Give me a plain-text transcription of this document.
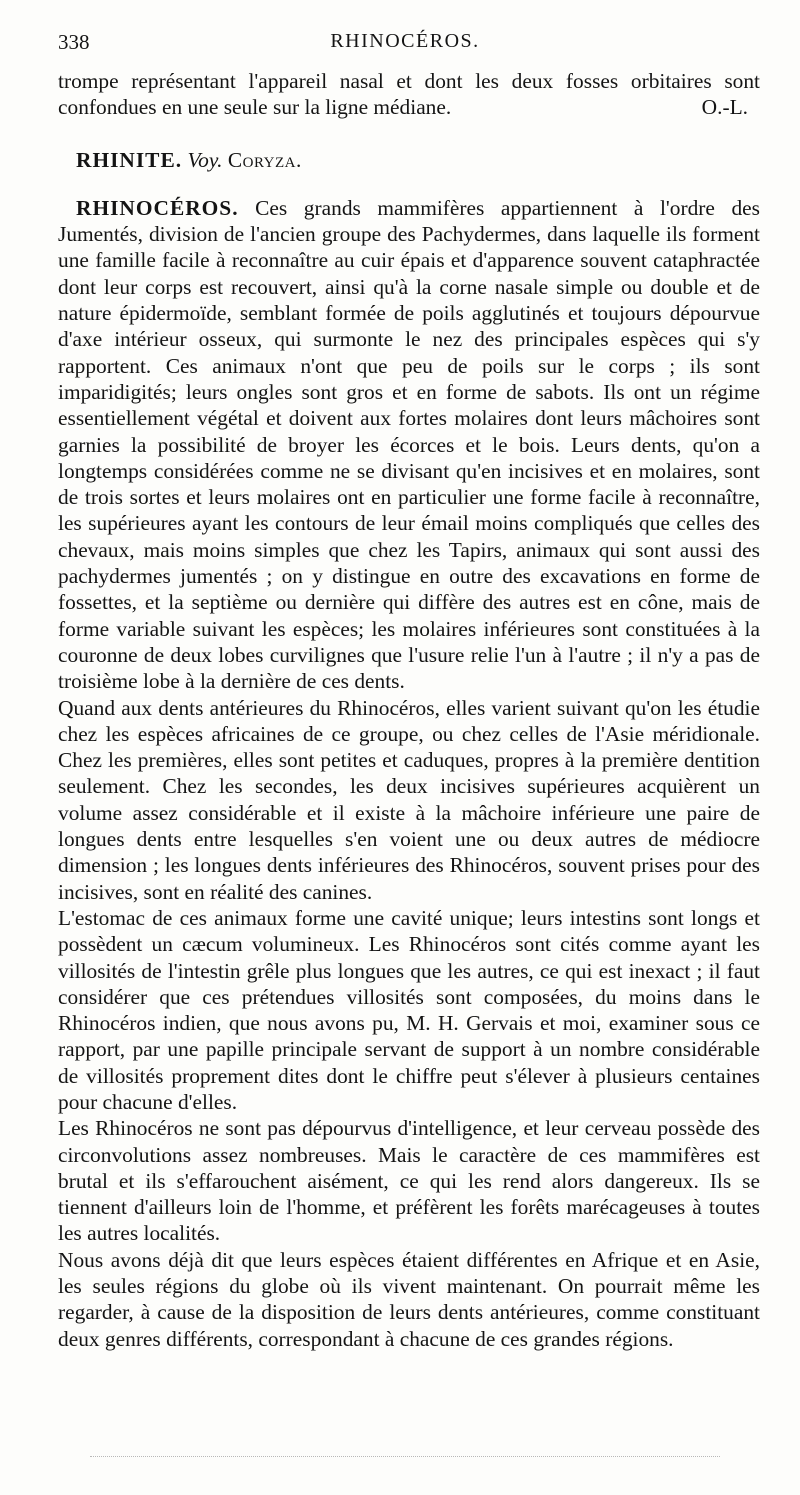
338	RHINOCÉROS.

trompe représentant l'appareil nasal et dont les deux fosses orbitaires sont confondues en une seule sur la ligne médiane.	O.-L.

RHINITE. Voy. Coryza.

RHINOCÉROS. Ces grands mammifères appartiennent à l'ordre des Jumentés, division de l'ancien groupe des Pachydermes, dans laquelle ils forment une famille facile à reconnaître au cuir épais et d'apparence souvent cataphractée dont leur corps est recouvert, ainsi qu'à la corne nasale simple ou double et de nature épidermoïde, semblant formée de poils agglutinés et toujours dépourvue d'axe intérieur osseux, qui surmonte le nez des principales espèces qui s'y rapportent. Ces animaux n'ont que peu de poils sur le corps ; ils sont imparidigités; leurs ongles sont gros et en forme de sabots. Ils ont un régime essentiellement végétal et doivent aux fortes molaires dont leurs mâchoires sont garnies la possibilité de broyer les écorces et le bois. Leurs dents, qu'on a longtemps considérées comme ne se divisant qu'en incisives et en molaires, sont de trois sortes et leurs molaires ont en particulier une forme facile à reconnaître, les supérieures ayant les contours de leur émail moins compliqués que celles des chevaux, mais moins simples que chez les Tapirs, animaux qui sont aussi des pachydermes jumentés ; on y distingue en outre des excavations en forme de fossettes, et la septième ou dernière qui diffère des autres est en cône, mais de forme variable suivant les espèces; les molaires inférieures sont constituées à la couronne de deux lobes curvilignes que l'usure relie l'un à l'autre ; il n'y a pas de troisième lobe à la dernière de ces dents.

Quand aux dents antérieures du Rhinocéros, elles varient suivant qu'on les étudie chez les espèces africaines de ce groupe, ou chez celles de l'Asie méridionale. Chez les premières, elles sont petites et caduques, propres à la première dentition seulement. Chez les secondes, les deux incisives supérieures acquièrent un volume assez considérable et il existe à la mâchoire inférieure une paire de longues dents entre lesquelles s'en voient une ou deux autres de médiocre dimension ; les longues dents inférieures des Rhinocéros, souvent prises pour des incisives, sont en réalité des canines.

L'estomac de ces animaux forme une cavité unique; leurs intestins sont longs et possèdent un cæcum volumineux. Les Rhinocéros sont cités comme ayant les villosités de l'intestin grêle plus longues que les autres, ce qui est inexact ; il faut considérer que ces prétendues villosités sont composées, du moins dans le Rhinocéros indien, que nous avons pu, M. H. Gervais et moi, examiner sous ce rapport, par une papille principale servant de support à un nombre considérable de villosités proprement dites dont le chiffre peut s'élever à plusieurs centaines pour chacune d'elles.

Les Rhinocéros ne sont pas dépourvus d'intelligence, et leur cerveau possède des circonvolutions assez nombreuses. Mais le caractère de ces mammifères est brutal et ils s'effarouchent aisément, ce qui les rend alors dangereux. Ils se tiennent d'ailleurs loin de l'homme, et préfèrent les forêts marécageuses à toutes les autres localités.

Nous avons déjà dit que leurs espèces étaient différentes en Afrique et en Asie, les seules régions du globe où ils vivent maintenant. On pourrait même les regarder, à cause de la disposition de leurs dents antérieures, comme constituant deux genres différents, correspondant à chacune de ces grandes régions.
